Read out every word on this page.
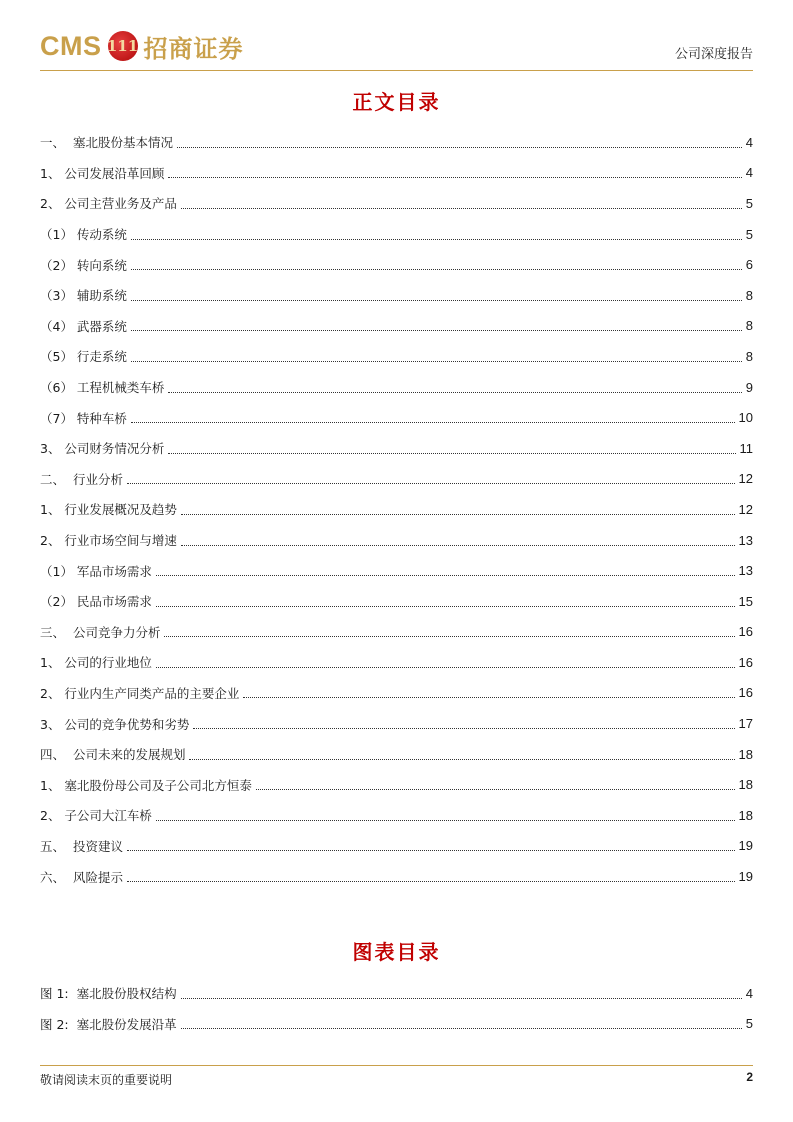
CMS 111 招商证券	公司深度报告
正文目录
一、  塞北股份基本情况	4
1、 公司发展沿革回顾	4
2、 公司主营业务及产品	5
（1） 传动系统	5
（2） 转向系统	6
（3） 辅助系统	8
（4） 武器系统	8
（5） 行走系统	8
（6） 工程机械类车桥	9
（7） 特种车桥	10
3、 公司财务情况分析	11
二、  行业分析	12
1、 行业发展概况及趋势	12
2、 行业市场空间与增速	13
（1） 军品市场需求	13
（2） 民品市场需求	15
三、  公司竞争力分析	16
1、 公司的行业地位	16
2、 行业内生产同类产品的主要企业	16
3、 公司的竞争优势和劣势	17
四、  公司未来的发展规划	18
1、 塞北股份母公司及子公司北方恒泰	18
2、 子公司大江车桥	18
五、  投资建议	19
六、  风险提示	19
图表目录
图 1:  塞北股份股权结构	4
图 2:  塞北股份发展沿革	5
敬请阅读末页的重要说明	2
